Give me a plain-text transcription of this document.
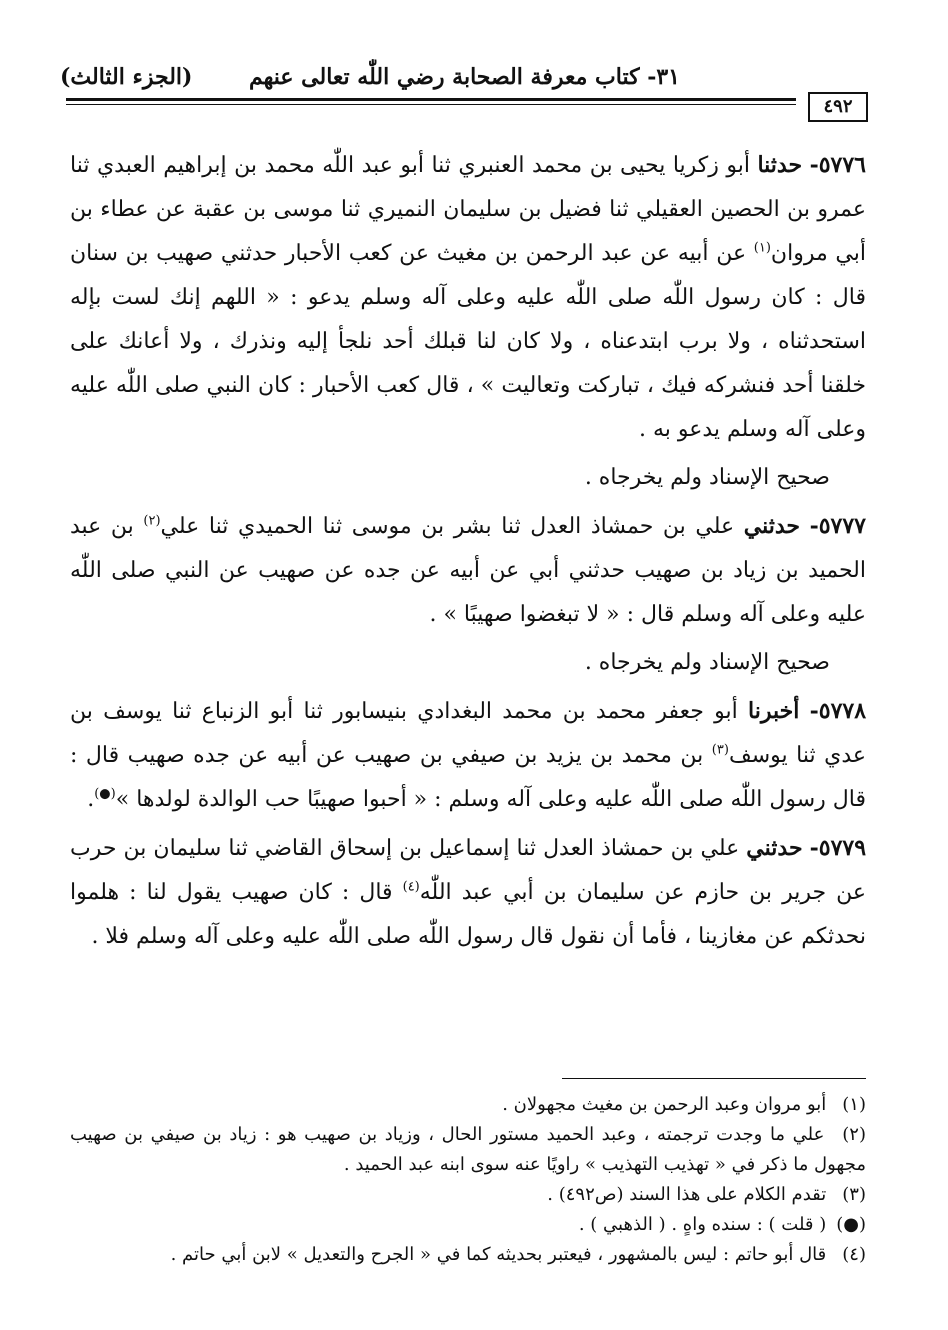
٣١- كتاب معرفة الصحابة رضي اللّٰه تعالى عنهم
(الجزء الثالث)
٤٩٢

٥٧٧٦- حدثنا أبو زكريا يحيى بن محمد العنبري ثنا أبو عبد اللّٰه محمد بن إبراهيم العبدي ثنا عمرو بن الحصين العقيلي ثنا فضيل بن سليمان النميري ثنا موسى بن عقبة عن عطاء بن أبي مروان$^{(١)}$ عن أبيه عن عبد الرحمن بن مغيث عن كعب الأحبار حدثني صهيب بن سنان قال : كان رسول اللّٰه صلى اللّٰه عليه وعلى آله وسلم يدعو : « اللهم إنك لست بإله استحدثناه ، ولا برب ابتدعناه ، ولا كان لنا قبلك أحد نلجأ إليه ونذرك ، ولا أعانك على خلقنا أحد فنشركه فيك ، تباركت وتعاليت » ، قال كعب الأحبار : كان النبي صلى اللّٰه عليه وعلى آله وسلم يدعو به .

صحيح الإسناد ولم يخرجاه .

٥٧٧٧- حدثني علي بن حمشاذ العدل ثنا بشر بن موسى ثنا الحميدي ثنا علي$^{(٢)}$ بن عبد الحميد بن زياد بن صهيب حدثني أبي عن أبيه عن جده عن صهيب عن النبي صلى اللّٰه عليه وعلى آله وسلم قال : « لا تبغضوا صهيبًا » .

صحيح الإسناد ولم يخرجاه .

٥٧٧٨- أخبرنا أبو جعفر محمد بن محمد البغدادي بنيسابور ثنا أبو الزنباع ثنا يوسف بن عدي ثنا يوسف$^{(٣)}$ بن محمد بن يزيد بن صيفي بن صهيب عن أبيه عن جده صهيب قال : قال رسول اللّٰه صلى اللّٰه عليه وعلى آله وسلم : « أحبوا صهيبًا حب الوالدة لولدها »(●).

٥٧٧٩- حدثني علي بن حمشاذ العدل ثنا إسماعيل بن إسحاق القاضي ثنا سليمان بن حرب عن جرير بن حازم عن سليمان بن أبي عبد اللّٰه$^{(٤)}$ قال : كان صهيب يقول لنا : هلموا نحدثكم عن مغازينا ، فأما أن نقول قال رسول اللّٰه صلى اللّٰه عليه وعلى آله وسلم فلا .

(١) أبو مروان وعبد الرحمن بن مغيث مجهولان .

(٢) علي ما وجدت ترجمته ، وعبد الحميد مستور الحال ، وزياد بن صهيب هو : زياد بن صيفي بن صهيب مجهول ما ذكر في « تهذيب التهذيب » راويًا عنه سوى ابنه عبد الحميد .

(٣) تقدم الكلام على هذا السند (ص٤٩٢) .

(●) ( قلت ) : سنده واهٍ . ( الذهبي ) .

(٤) قال أبو حاتم : ليس بالمشهور ، فيعتبر بحديثه كما في « الجرح والتعديل » لابن أبي حاتم .
